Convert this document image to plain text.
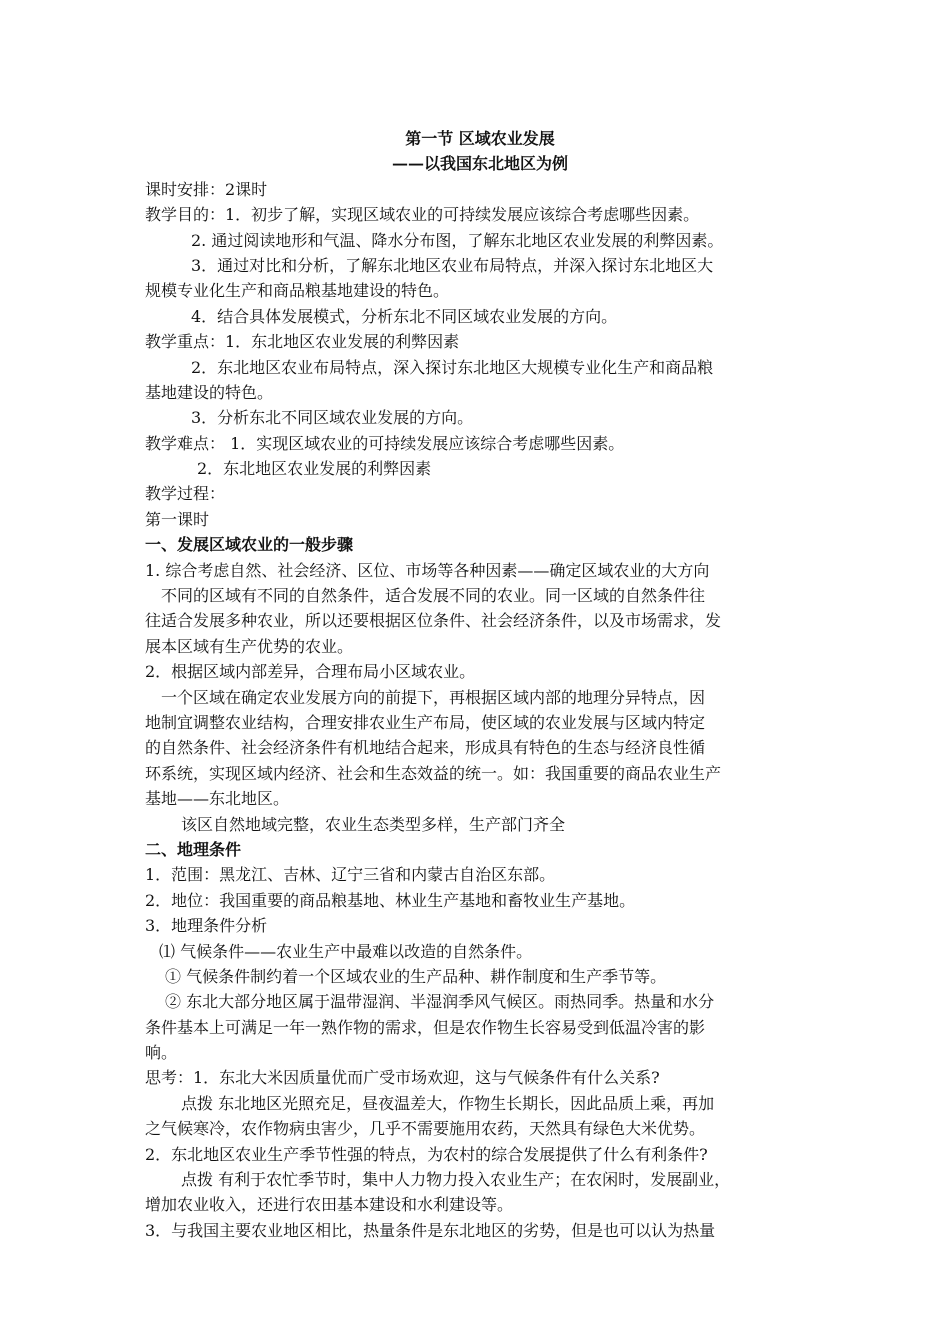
第一节 区域农业发展
——以我国东北地区为例
课时安排：2课时
教学目的：1．初步了解，实现区域农业的可持续发展应该综合考虑哪些因素。
2. 通过阅读地形和气温、降水分布图，了解东北地区农业发展的利弊因素。
3．通过对比和分析，了解东北地区农业布局特点，并深入探讨东北地区大
规模专业化生产和商品粮基地建设的特色。
4．结合具体发展模式，分析东北不同区域农业发展的方向。
教学重点：1．东北地区农业发展的利弊因素
2．东北地区农业布局特点，深入探讨东北地区大规模专业化生产和商品粮
基地建设的特色。
3．分析东北不同区域农业发展的方向。
教学难点： 1．实现区域农业的可持续发展应该综合考虑哪些因素。
2．东北地区农业发展的利弊因素
教学过程：
第一课时
一、发展区域农业的一般步骤
1. 综合考虑自然、社会经济、区位、市场等各种因素——确定区域农业的大方向
不同的区域有不同的自然条件，适合发展不同的农业。同一区域的自然条件往
往适合发展多种农业，所以还要根据区位条件、社会经济条件，以及市场需求，发
展本区域有生产优势的农业。
2．根据区域内部差异，合理布局小区域农业。
一个区域在确定农业发展方向的前提下，再根据区域内部的地理分异特点，因
地制宜调整农业结构，合理安排农业生产布局，使区域的农业发展与区域内特定
的自然条件、社会经济条件有机地结合起来，形成具有特色的生态与经济良性循
环系统，实现区域内经济、社会和生态效益的统一。如：我国重要的商品农业生产
基地——东北地区。
该区自然地域完整，农业生态类型多样，生产部门齐全
二、地理条件
1．范围：黑龙江、吉林、辽宁三省和内蒙古自治区东部。
2．地位：我国重要的商品粮基地、林业生产基地和畜牧业生产基地。
3．地理条件分析
⑴ 气候条件——农业生产中最难以改造的自然条件。
① 气候条件制约着一个区域农业的生产品种、耕作制度和生产季节等。
② 东北大部分地区属于温带湿润、半湿润季风气候区。雨热同季。热量和水分
条件基本上可满足一年一熟作物的需求，但是农作物生长容易受到低温冷害的影
响。
思考：1．东北大米因质量优而广受市场欢迎，这与气候条件有什么关系?
点拨 东北地区光照充足，昼夜温差大，作物生长期长，因此品质上乘，再加
之气候寒冷，农作物病虫害少，几乎不需要施用农药，天然具有绿色大米优势。
2．东北地区农业生产季节性强的特点，为农村的综合发展提供了什么有利条件?
点拨 有利于农忙季节时，集中人力物力投入农业生产；在农闲时，发展副业，
增加农业收入，还进行农田基本建设和水利建设等。
3．与我国主要农业地区相比，热量条件是东北地区的劣势，但是也可以认为热量
